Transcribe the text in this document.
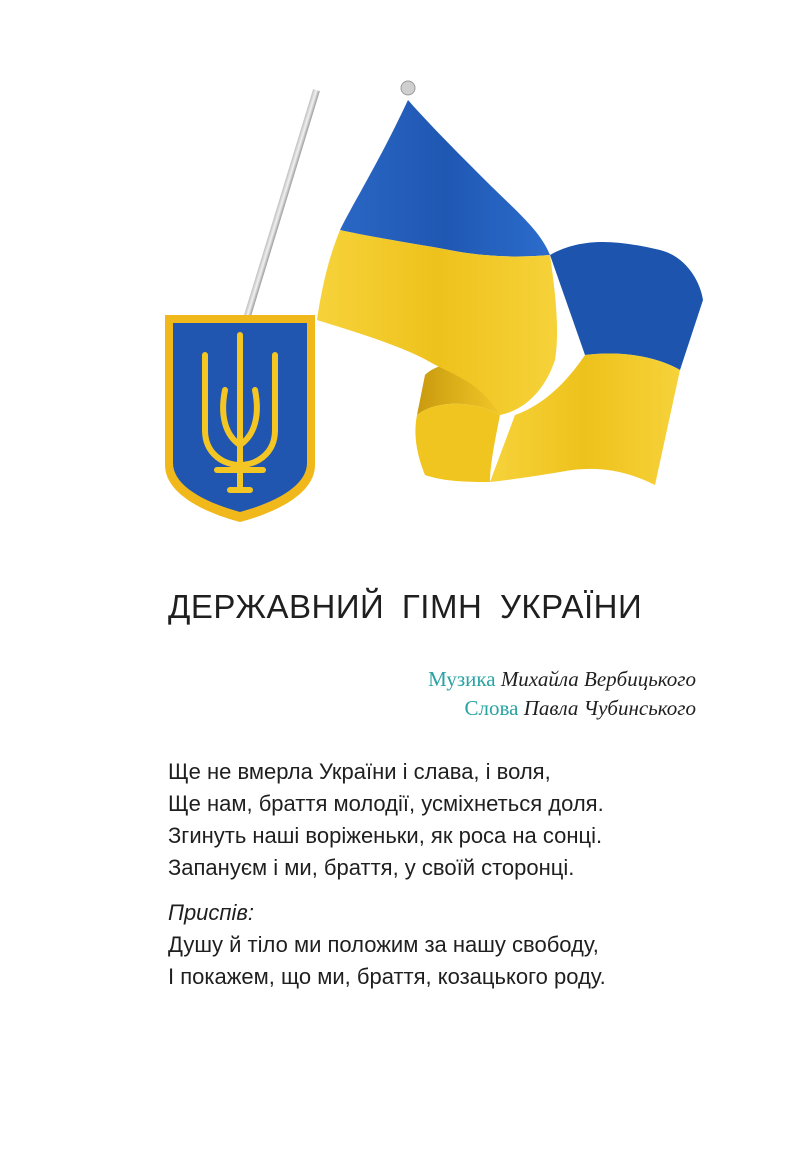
ДЕРЖАВНИЙ ГІМН УКРАЇНИ
Музика Михайла Вербицького
Слова Павла Чубинського
Ще не вмерла України і слава, і воля,
Ще нам, браття молодії, усміхнеться доля.
Згинуть наші воріженьки, як роса на сонці.
Запануєм і ми, браття, у своїй сторонці.
Приспів:
Душу й тіло ми положим за нашу свободу,
І покажем, що ми, браття, козацького роду.
